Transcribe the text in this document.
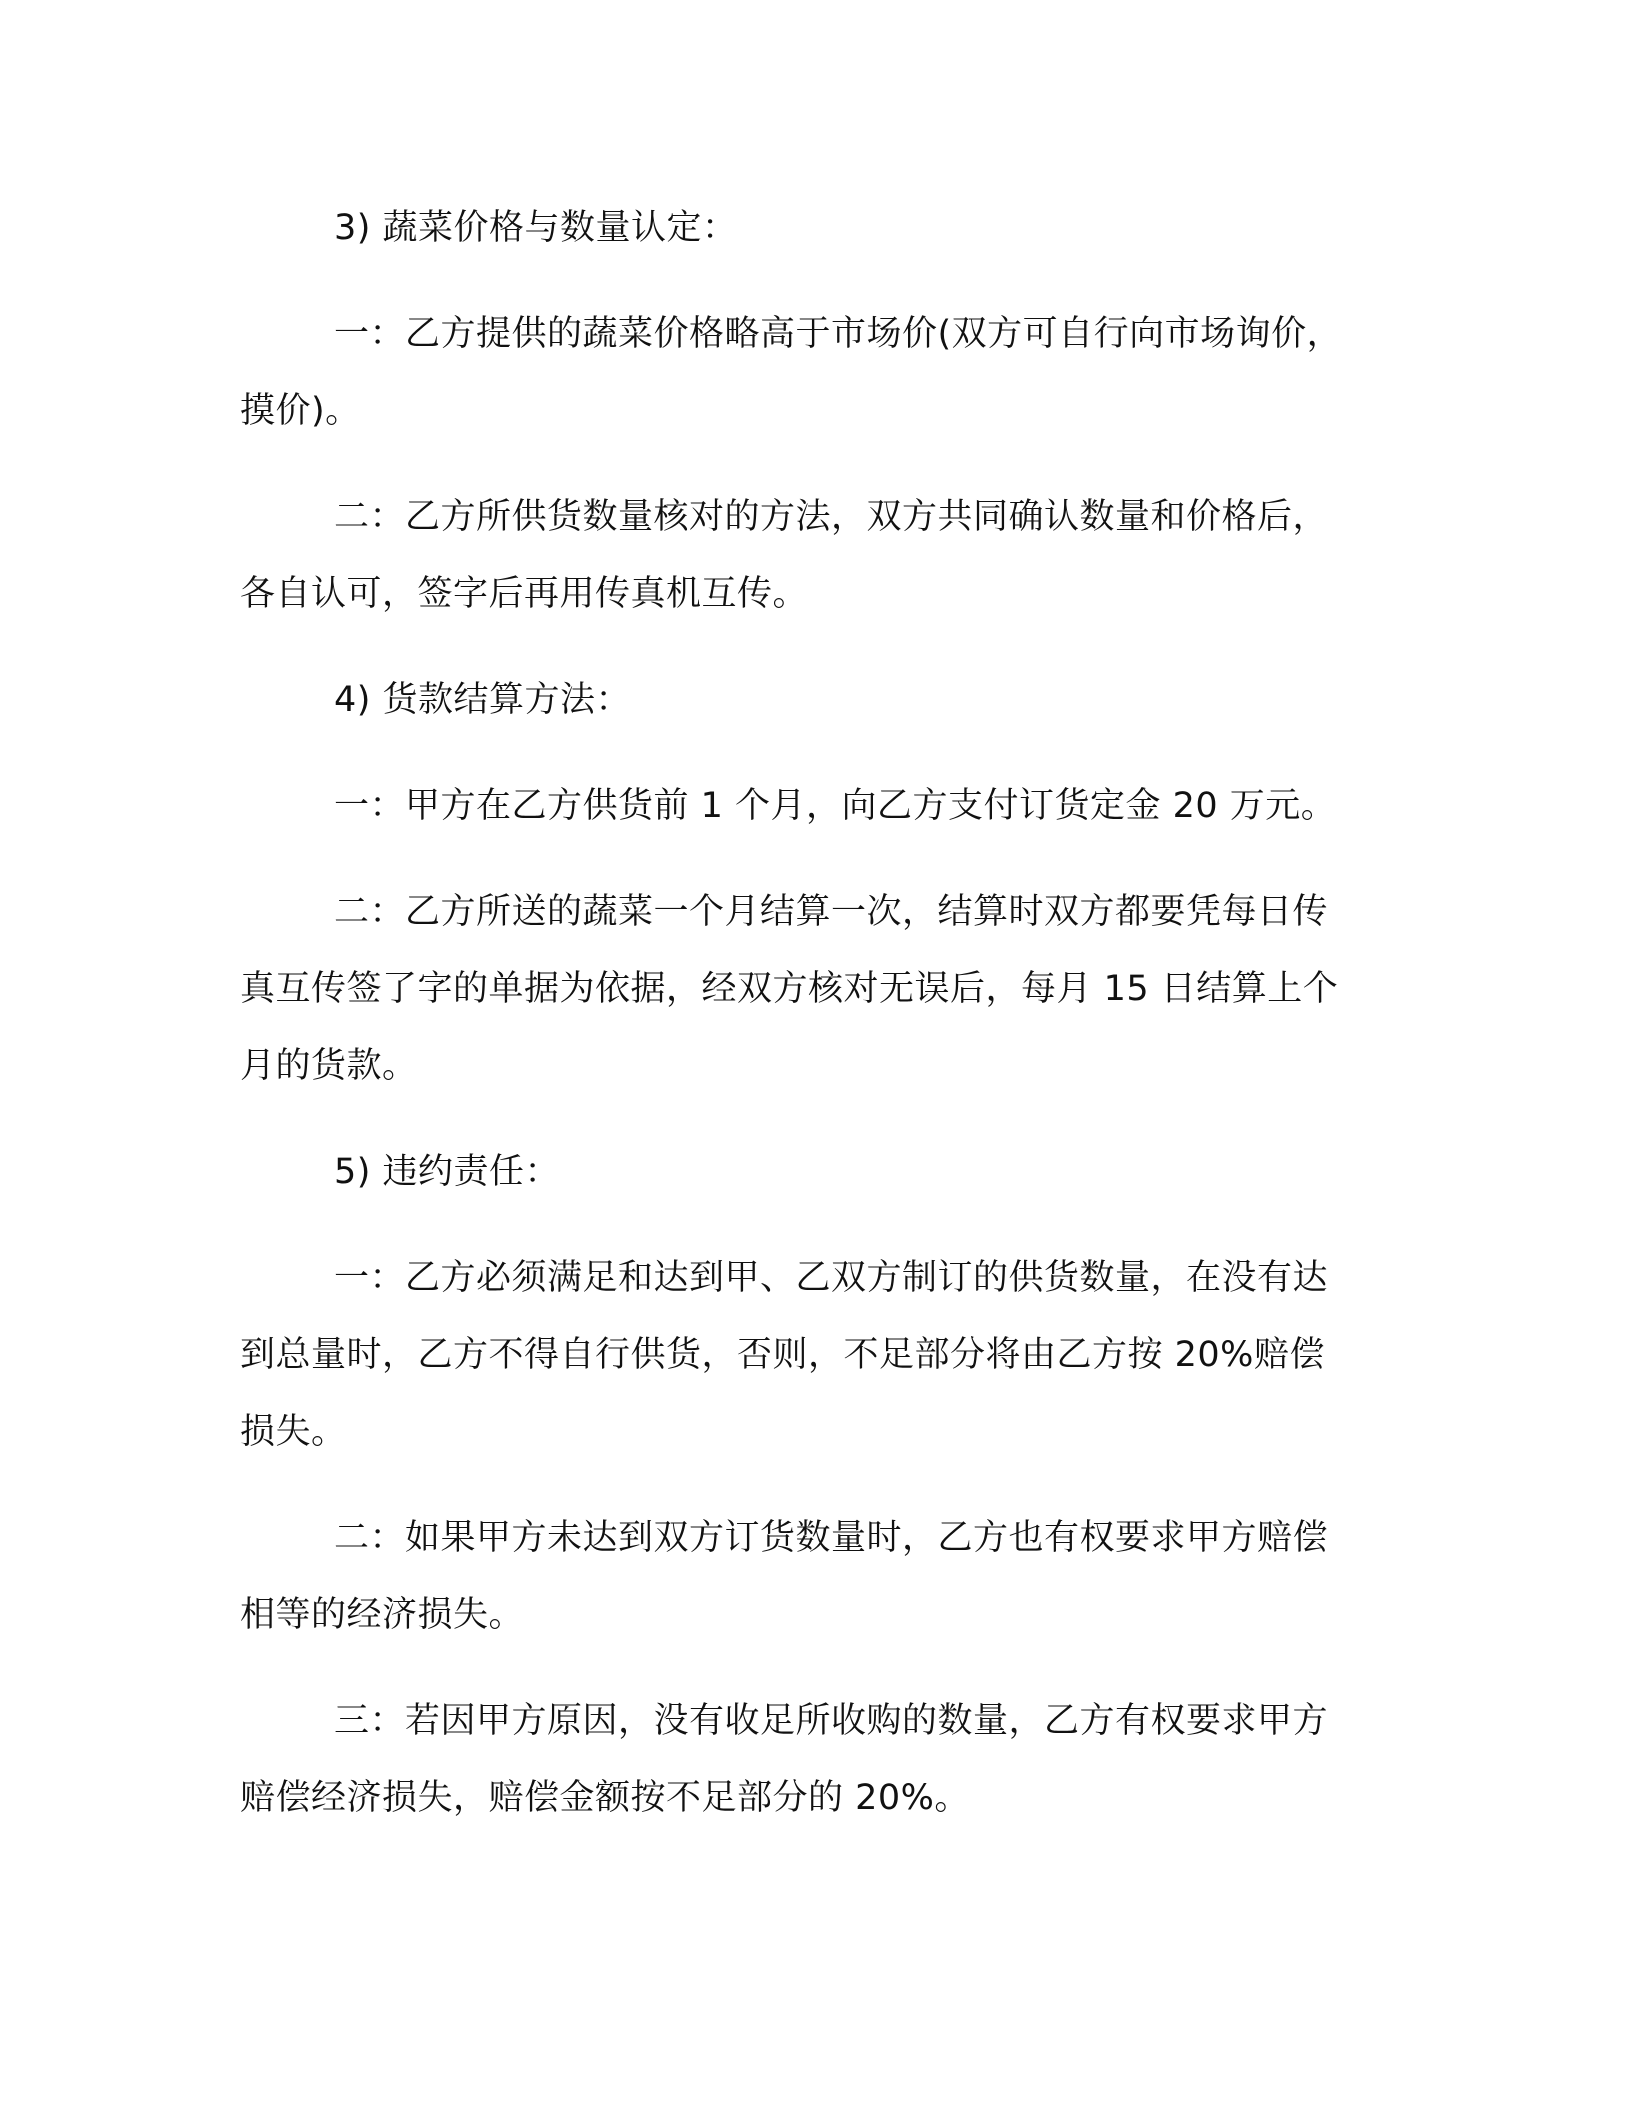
3) 蔬菜价格与数量认定：

一：乙方提供的蔬菜价格略高于市场价(双方可自行向市场询价，
摸价)。

二：乙方所供货数量核对的方法，双方共同确认数量和价格后，
各自认可，签字后再用传真机互传。

4) 货款结算方法：

一：甲方在乙方供货前 1 个月，向乙方支付订货定金 20 万元。

二：乙方所送的蔬菜一个月结算一次，结算时双方都要凭每日传
真互传签了字的单据为依据，经双方核对无误后，每月 15 日结算上个
月的货款。

5) 违约责任：

一：乙方必须满足和达到甲、乙双方制订的供货数量，在没有达
到总量时，乙方不得自行供货，否则，不足部分将由乙方按 20%赔偿
损失。

二：如果甲方未达到双方订货数量时，乙方也有权要求甲方赔偿
相等的经济损失。

三：若因甲方原因，没有收足所收购的数量，乙方有权要求甲方
赔偿经济损失，赔偿金额按不足部分的 20%。
